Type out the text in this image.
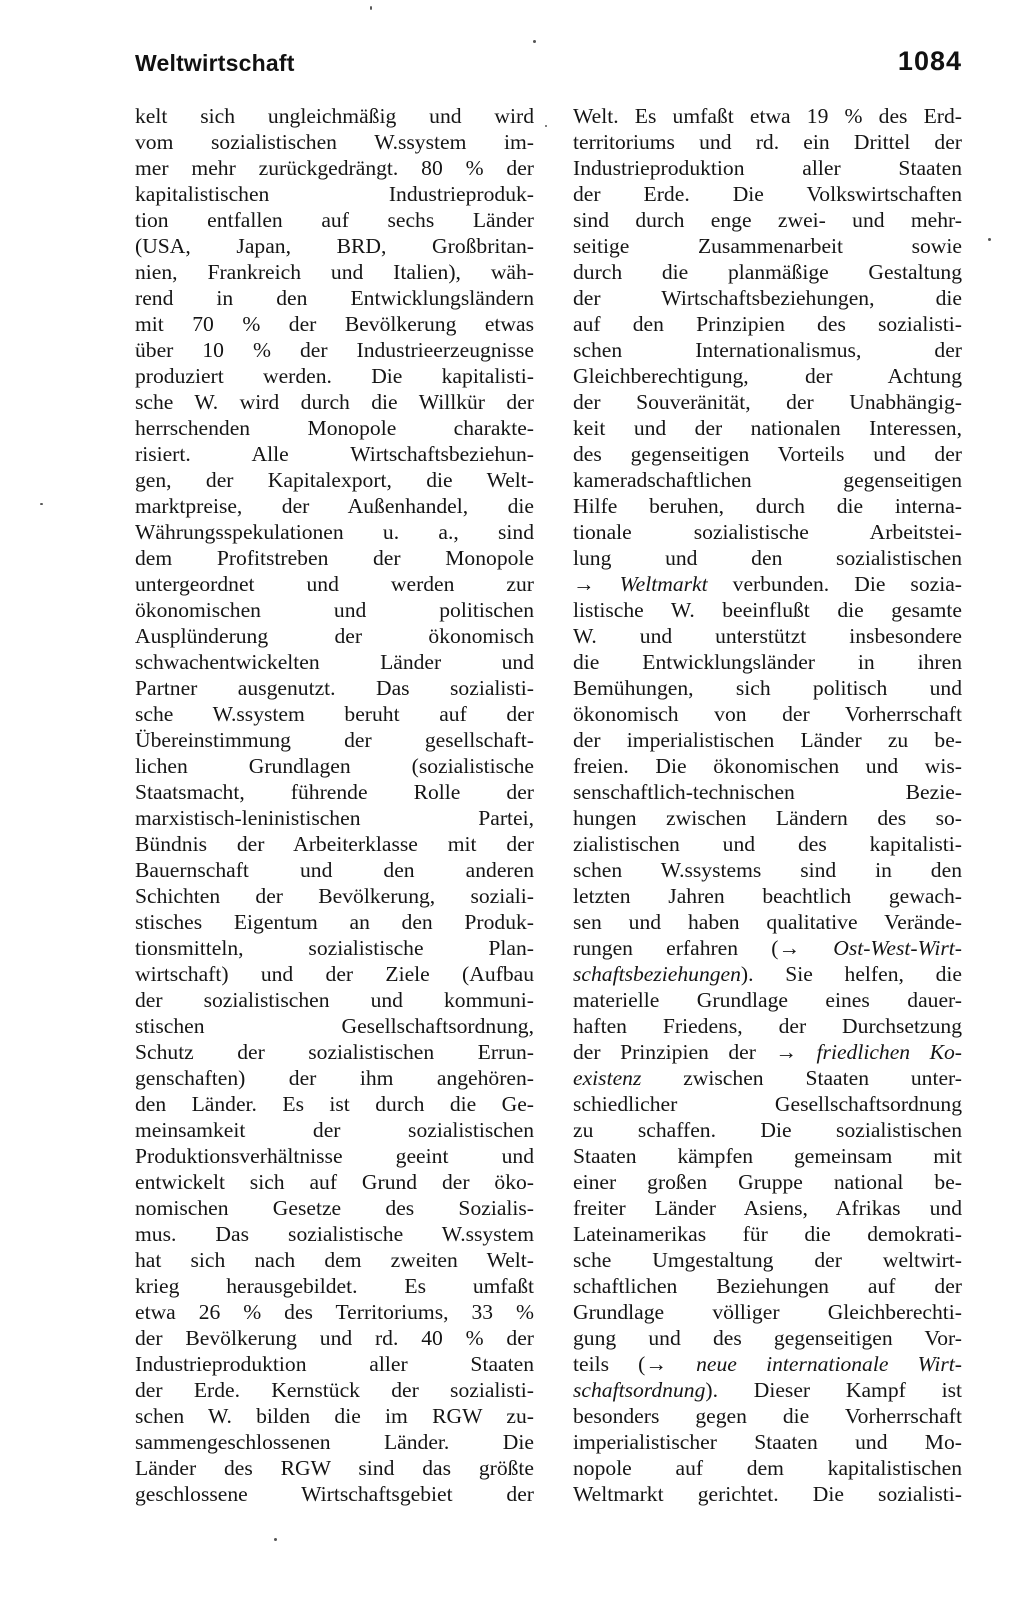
Weltwirtschaft	1084
kelt sich ungleichmäßig und wird
vom sozialistischen W.ssystem im-
mer mehr zurückgedrängt. 80 % der
kapitalistischen Industrieproduk-
tion entfallen auf sechs Länder
(USA, Japan, BRD, Großbritan-
nien, Frankreich und Italien), wäh-
rend in den Entwicklungsländern
mit 70 % der Bevölkerung etwas
über 10 % der Industrieerzeugnisse
produziert werden. Die kapitalisti-
sche W. wird durch die Willkür der
herrschenden Monopole charakte-
risiert. Alle Wirtschaftsbeziehun-
gen, der Kapitalexport, die Welt-
marktpreise, der Außenhandel, die
Währungsspekulationen u. a., sind
dem Profitstreben der Monopole
untergeordnet und werden zur
ökonomischen und politischen
Ausplünderung der ökonomisch
schwachentwickelten Länder und
Partner ausgenutzt. Das sozialisti-
sche W.ssystem beruht auf der
Übereinstimmung der gesellschaft-
lichen Grundlagen (sozialistische
Staatsmacht, führende Rolle der
marxistisch-leninistischen Partei,
Bündnis der Arbeiterklasse mit der
Bauernschaft und den anderen
Schichten der Bevölkerung, soziali-
stisches Eigentum an den Produk-
tionsmitteln, sozialistische Plan-
wirtschaft) und der Ziele (Aufbau
der sozialistischen und kommuni-
stischen Gesellschaftsordnung,
Schutz der sozialistischen Errun-
genschaften) der ihm angehören-
den Länder. Es ist durch die Ge-
meinsamkeit der sozialistischen
Produktionsverhältnisse geeint und
entwickelt sich auf Grund der öko-
nomischen Gesetze des Sozialis-
mus. Das sozialistische W.ssystem
hat sich nach dem zweiten Welt-
krieg herausgebildet. Es umfaßt
etwa 26 % des Territoriums, 33 %
der Bevölkerung und rd. 40 % der
Industrieproduktion aller Staaten
der Erde. Kernstück der sozialisti-
schen W. bilden die im RGW zu-
sammengeschlossenen Länder. Die
Länder des RGW sind das größte
geschlossene Wirtschaftsgebiet der
Welt. Es umfaßt etwa 19 % des Erd-
territoriums und rd. ein Drittel der
Industrieproduktion aller Staaten
der Erde. Die Volkswirtschaften
sind durch enge zwei- und mehr-
seitige Zusammenarbeit sowie
durch die planmäßige Gestaltung
der Wirtschaftsbeziehungen, die
auf den Prinzipien des sozialisti-
schen Internationalismus, der
Gleichberechtigung, der Achtung
der Souveränität, der Unabhängig-
keit und der nationalen Interessen,
des gegenseitigen Vorteils und der
kameradschaftlichen gegenseitigen
Hilfe beruhen, durch die interna-
tionale sozialistische Arbeitstei-
lung und den sozialistischen
→ Weltmarkt verbunden. Die sozia-
listische W. beeinflußt die gesamte
W. und unterstützt insbesondere
die Entwicklungsländer in ihren
Bemühungen, sich politisch und
ökonomisch von der Vorherrschaft
der imperialistischen Länder zu be-
freien. Die ökonomischen und wis-
senschaftlich-technischen Bezie-
hungen zwischen Ländern des so-
zialistischen und des kapitalisti-
schen W.ssystems sind in den
letzten Jahren beachtlich gewach-
sen und haben qualitative Verände-
rungen erfahren (→ Ost-West-Wirt-
schaftsbeziehungen). Sie helfen, die
materielle Grundlage eines dauer-
haften Friedens, der Durchsetzung
der Prinzipien der → friedlichen Ko-
existenz zwischen Staaten unter-
schiedlicher Gesellschaftsordnung
zu schaffen. Die sozialistischen
Staaten kämpfen gemeinsam mit
einer großen Gruppe national be-
freiter Länder Asiens, Afrikas und
Lateinamerikas für die demokrati-
sche Umgestaltung der weltwirt-
schaftlichen Beziehungen auf der
Grundlage völliger Gleichberechti-
gung und des gegenseitigen Vor-
teils (→ neue internationale Wirt-
schaftsordnung). Dieser Kampf ist
besonders gegen die Vorherrschaft
imperialistischer Staaten und Mo-
nopole auf dem kapitalistischen
Weltmarkt gerichtet. Die sozialisti-
